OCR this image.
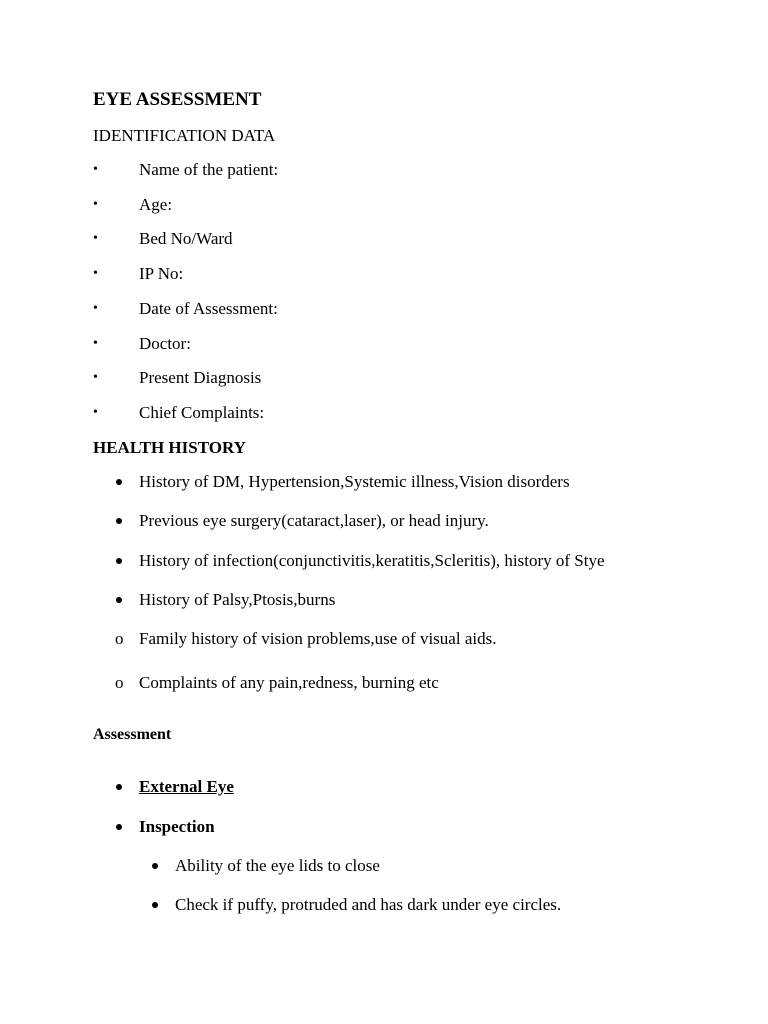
EYE ASSESSMENT
IDENTIFICATION DATA
• Name of the patient:
• Age:
• Bed No/Ward
• IP No:
• Date of Assessment:
• Doctor:
• Present Diagnosis
• Chief Complaints:
HEALTH HISTORY
History of DM, Hypertension,Systemic illness,Vision disorders
Previous eye surgery(cataract,laser), or head injury.
History of infection(conjunctivitis,keratitis,Scleritis), history of Stye
History of Palsy,Ptosis,burns
o Family history of vision problems,use of visual aids.
o Complaints of any pain,redness, burning etc
Assessment
External Eye
Inspection
Ability of the eye lids to close
Check if puffy, protruded and has dark under eye circles.
